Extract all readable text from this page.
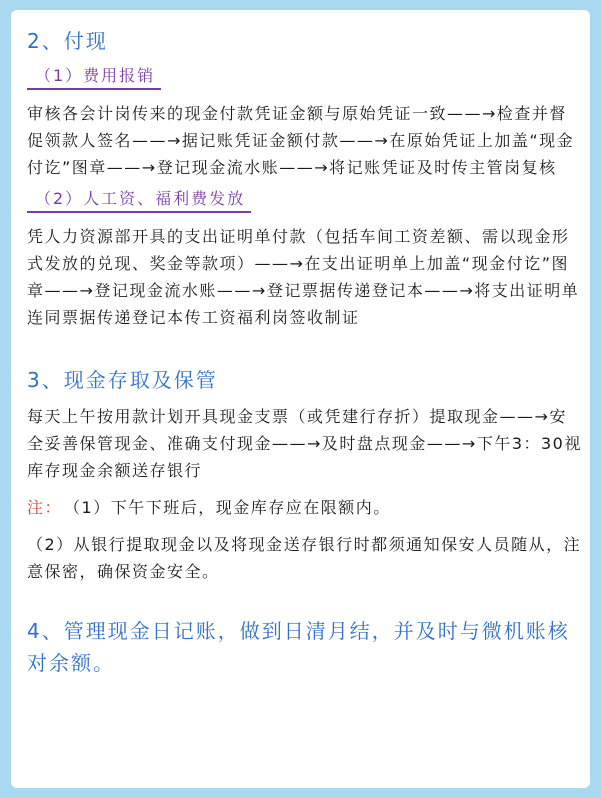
2、付现
（1）费用报销

审核各会计岗传来的现金付款凭证金额与原始凭证一致——→检查并督促领款人签名——→据记账凭证金额付款——→在原始凭证上加盖“现金付讫”图章——→登记现金流水账——→将记账凭证及时传主管岗复核

（2）人工资、福利费发放

凭人力资源部开具的支出证明单付款（包括车间工资差额、需以现金形式发放的兑现、奖金等款项）——→在支出证明单上加盖“现金付讫”图章——→登记现金流水账——→登记票据传递登记本——→将支出证明单连同票据传递登记本传工资福利岗签收制证

3、现金存取及保管

每天上午按用款计划开具现金支票（或凭建行存折）提取现金——→安全妥善保管现金、准确支付现金——→及时盘点现金——→下午3：30视库存现金余额送存银行

注： （1）下午下班后，现金库存应在限额内。

（2）从银行提取现金以及将现金送存银行时都须通知保安人员随从，注意保密，确保资金安全。

4、管理现金日记账，做到日清月结，并及时与微机账核对余额。
